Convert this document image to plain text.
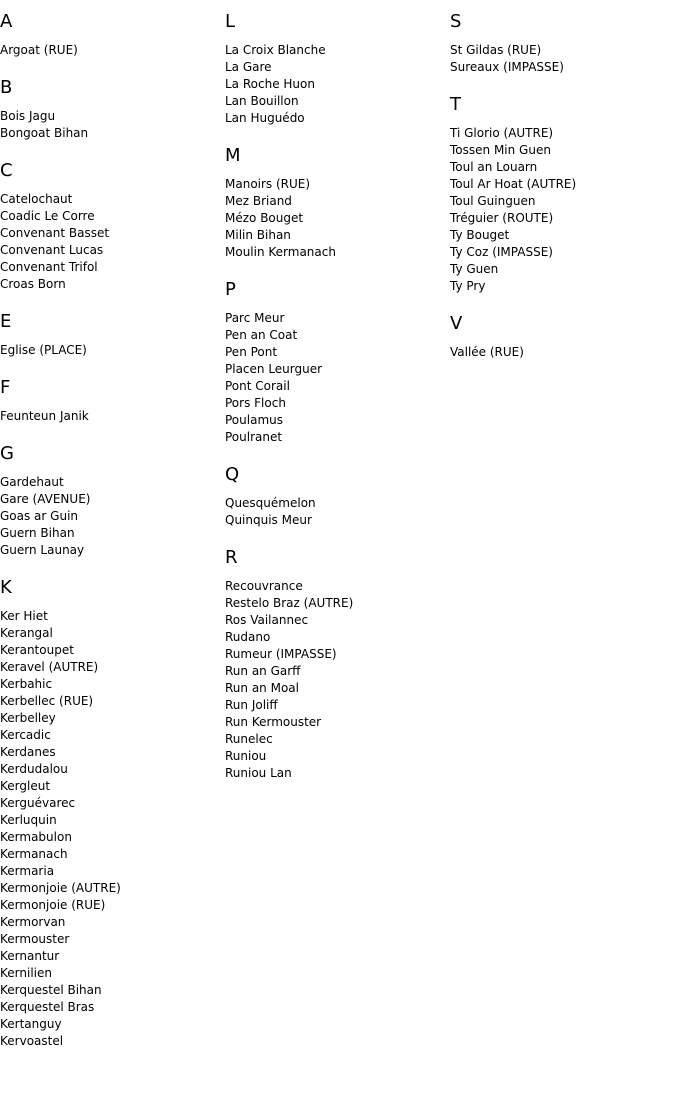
A
Argoat (RUE)
B
Bois Jagu
Bongoat Bihan
C
Catelochaut
Coadic Le Corre
Convenant Basset
Convenant Lucas
Convenant Trifol
Croas Born
E
Eglise (PLACE)
F
Feunteun Janik
G
Gardehaut
Gare (AVENUE)
Goas ar Guin
Guern Bihan
Guern Launay
K
Ker Hiet
Kerangal
Kerantoupet
Keravel (AUTRE)
Kerbahic
Kerbellec (RUE)
Kerbelley
Kercadic
Kerdanes
Kerdudalou
Kergleut
Kerguévarec
Kerluquin
Kermabulon
Kermanach
Kermaria
Kermonjoie (AUTRE)
Kermonjoie (RUE)
Kermorvan
Kermouster
Kernantur
Kernilien
Kerquestel Bihan
Kerquestel Bras
Kertanguy
Kervoastel
L
La Croix Blanche
La Gare
La Roche Huon
Lan Bouillon
Lan Huguédo
M
Manoirs (RUE)
Mez Briand
Mézo Bouget
Milin Bihan
Moulin Kermanach
P
Parc Meur
Pen an Coat
Pen Pont
Placen Leurguer
Pont Corail
Pors Floch
Poulamus
Poulranet
Q
Quesquémelon
Quinquis Meur
R
Recouvrance
Restelo Braz (AUTRE)
Ros Vailannec
Rudano
Rumeur (IMPASSE)
Run an Garff
Run an Moal
Run Joliff
Run Kermouster
Runelec
Runiou
Runiou Lan
S
St Gildas (RUE)
Sureaux (IMPASSE)
T
Ti Glorio (AUTRE)
Tossen Min Guen
Toul an Louarn
Toul Ar Hoat (AUTRE)
Toul Guinguen
Tréguier (ROUTE)
Ty Bouget
Ty Coz (IMPASSE)
Ty Guen
Ty Pry
V
Vallée (RUE)
